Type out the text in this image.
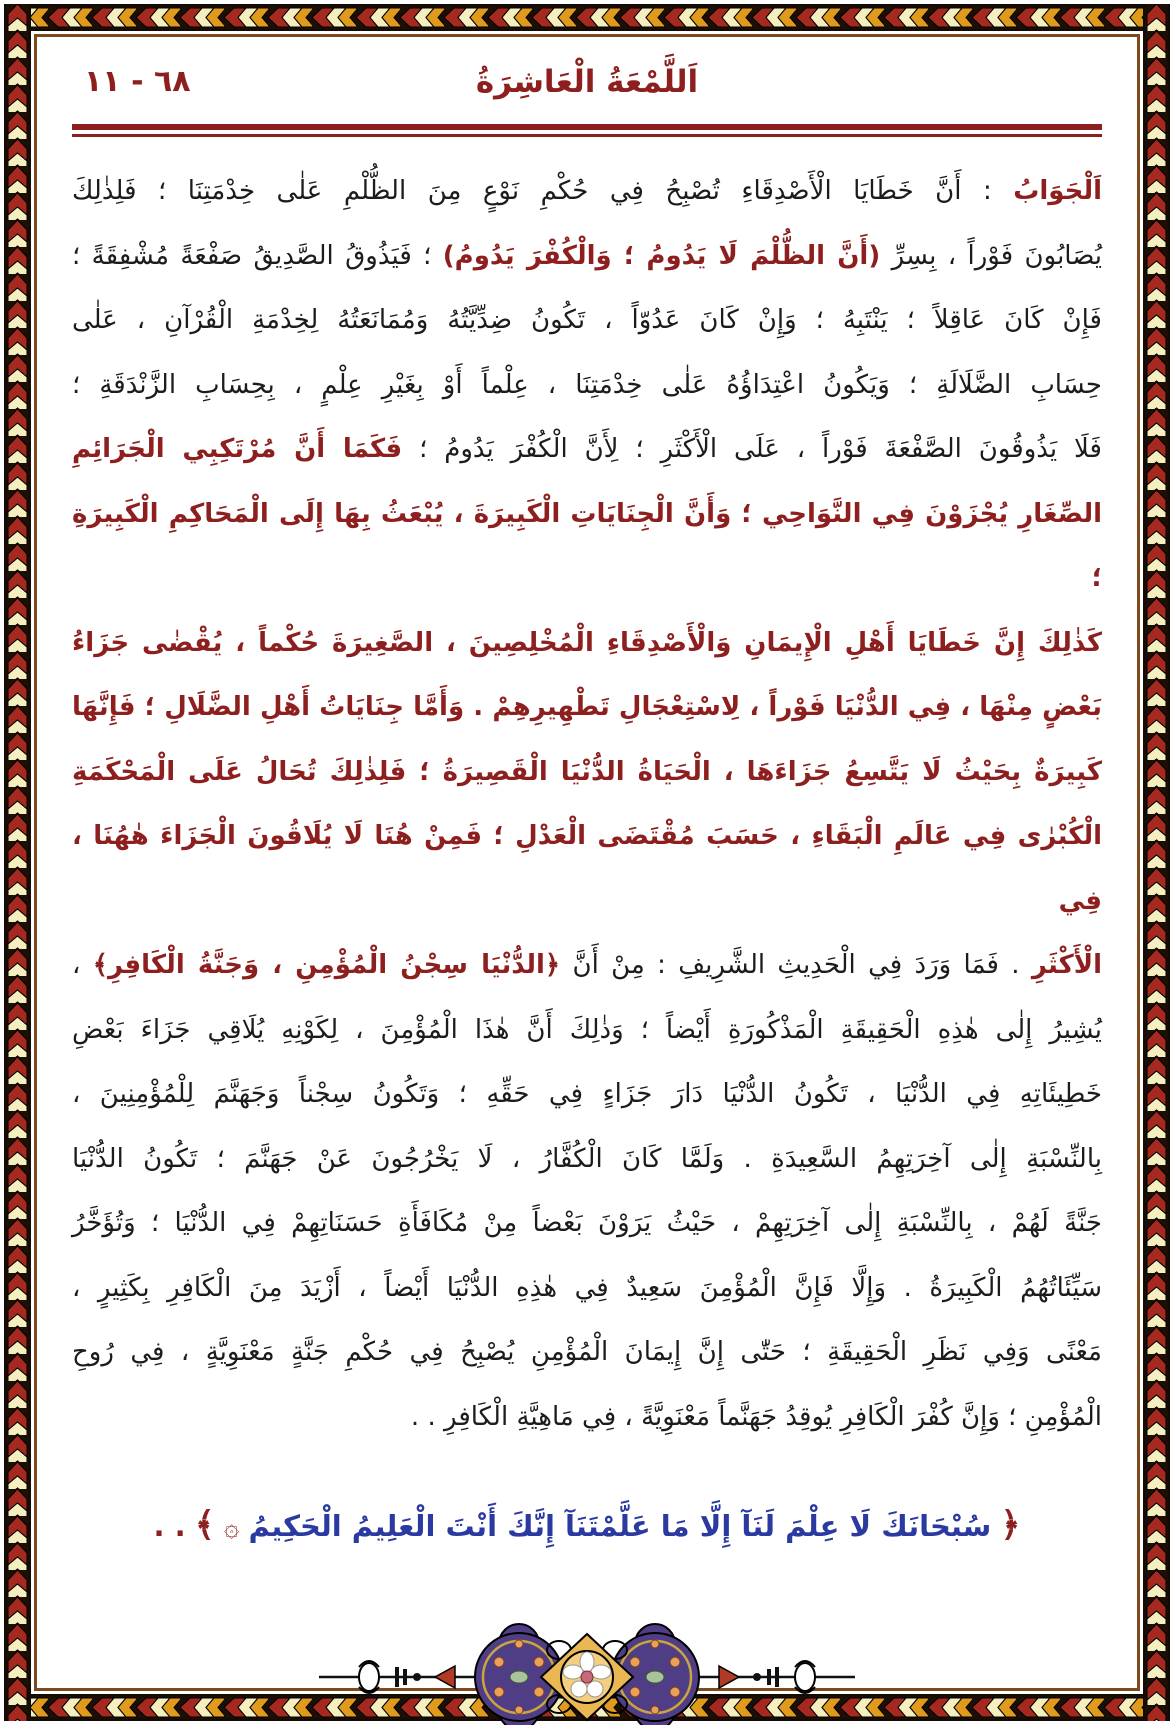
٦٨ - ١١	اَللَّمْعَةُ الْعَاشِرَةُ
اَلْجَوَابُ : أَنَّ خَطَايَا الْأَصْدِقَاءِ تُصْبِحُ فِي حُكْمِ نَوْعٍ مِنَ الظُّلْمِ عَلٰى خِدْمَتِنَا ؛ فَلِذٰلِكَ
يُصَابُونَ فَوْراً ، بِسِرِّ (أَنَّ الظُّلْمَ لَا يَدُومُ ؛ وَالْكُفْرَ يَدُومُ) ؛ فَيَذُوقُ الصَّدِيقُ صَفْعَةً مُشْفِقَةً ؛
فَإِنْ كَانَ عَاقِلاً ؛ يَنْتَبِهُ ؛ وَإِنْ كَانَ عَدُوّاً ، تَكُونُ ضِدِّيَّتُهُ وَمُمَانَعَتُهُ لِخِدْمَةِ الْقُرْآنِ ، عَلٰى
حِسَابِ الضَّلَالَةِ ؛ وَيَكُونُ اعْتِدَاؤُهُ عَلٰى خِدْمَتِنَا ، عِلْماً أَوْ بِغَيْرِ عِلْمٍ ، بِحِسَابِ الزَّنْدَقَةِ ؛
فَلَا يَذُوقُونَ الصَّفْعَةَ فَوْراً ، عَلَى الْأَكْثَرِ ؛ لِأَنَّ الْكُفْرَ يَدُومُ ؛ فَكَمَا أَنَّ مُرْتَكِبِي الْجَرَائِمِ
الصِّغَارِ يُجْزَوْنَ فِي النَّوَاحِي ؛ وَأَنَّ الْجِنَايَاتِ الْكَبِيرَةَ ، يُبْعَثُ بِهَا إِلَى الْمَحَاكِمِ الْكَبِيرَةِ ؛
كَذٰلِكَ إِنَّ خَطَايَا أَهْلِ الْإِيمَانِ وَالْأَصْدِقَاءِ الْمُخْلِصِينَ ، الصَّغِيرَةَ حُكْماً ، يُقْضٰى جَزَاءُ
بَعْضٍ مِنْهَا ، فِي الدُّنْيَا فَوْراً ، لِاسْتِعْجَالِ تَطْهِيرِهِمْ . وَأَمَّا جِنَايَاتُ أَهْلِ الضَّلَالِ ؛ فَإِنَّهَا
كَبِيرَةٌ بِحَيْثُ لَا يَتَّسِعُ جَزَاءَهَا ، الْحَيَاةُ الدُّنْيَا الْقَصِيرَةُ ؛ فَلِذٰلِكَ تُحَالُ عَلَى الْمَحْكَمَةِ
الْكُبْرٰى فِي عَالَمِ الْبَقَاءِ ، حَسَبَ مُقْتَضَى الْعَدْلِ ؛ فَمِنْ هُنَا لَا يُلَاقُونَ الْجَزَاءَ هٰهُنَا ، فِي
الْأَكْثَرِ . فَمَا وَرَدَ فِي الْحَدِيثِ الشَّرِيفِ : مِنْ أَنَّ ﴿الدُّنْيَا سِجْنُ الْمُؤْمِنِ ، وَجَنَّةُ الْكَافِرِ﴾ ،
يُشِيرُ إِلٰى هٰذِهِ الْحَقِيقَةِ الْمَذْكُورَةِ أَيْضاً ؛ وَذٰلِكَ أَنَّ هٰذَا الْمُؤْمِنَ ، لِكَوْنِهِ يُلَاقِي جَزَاءَ بَعْضِ
خَطِيئَاتِهِ فِي الدُّنْيَا ، تَكُونُ الدُّنْيَا دَارَ جَزَاءٍ فِي حَقِّهِ ؛ وَتَكُونُ سِجْناً وَجَهَنَّمَ لِلْمُؤْمِنِينَ ،
بِالنِّسْبَةِ إِلٰى آخِرَتِهِمُ السَّعِيدَةِ . وَلَمَّا كَانَ الْكُفَّارُ ، لَا يَخْرُجُونَ عَنْ جَهَنَّمَ ؛ تَكُونُ الدُّنْيَا
جَنَّةً لَهُمْ ، بِالنِّسْبَةِ إِلٰى آخِرَتِهِمْ ، حَيْثُ يَرَوْنَ بَعْضاً مِنْ مُكَافَأَةِ حَسَنَاتِهِمْ فِي الدُّنْيَا ؛ وَتُؤَخَّرُ
سَيِّئَاتُهُمُ الْكَبِيرَةُ . وَإِلَّا فَإِنَّ الْمُؤْمِنَ سَعِيدٌ فِي هٰذِهِ الدُّنْيَا أَيْضاً ، أَزْيَدَ مِنَ الْكَافِرِ بِكَثِيرٍ ،
مَعْنًى وَفِي نَظَرِ الْحَقِيقَةِ ؛ حَتّٰى إِنَّ إِيمَانَ الْمُؤْمِنِ يُصْبِحُ فِي حُكْمِ جَنَّةٍ مَعْنَوِيَّةٍ ، فِي رُوحِ
الْمُؤْمِنِ ؛ وَإِنَّ كُفْرَ الْكَافِرِ يُوقِدُ جَهَنَّماً مَعْنَوِيَّةً ، فِي مَاهِيَّةِ الْكَافِرِ . .
﴿ سُبْحَانَكَ لَا عِلْمَ لَنَآ إِلَّا مَا عَلَّمْتَنَآ إِنَّكَ أَنْتَ الْعَلِيمُ الْحَكِيمُ ۞ ﴾ . .
